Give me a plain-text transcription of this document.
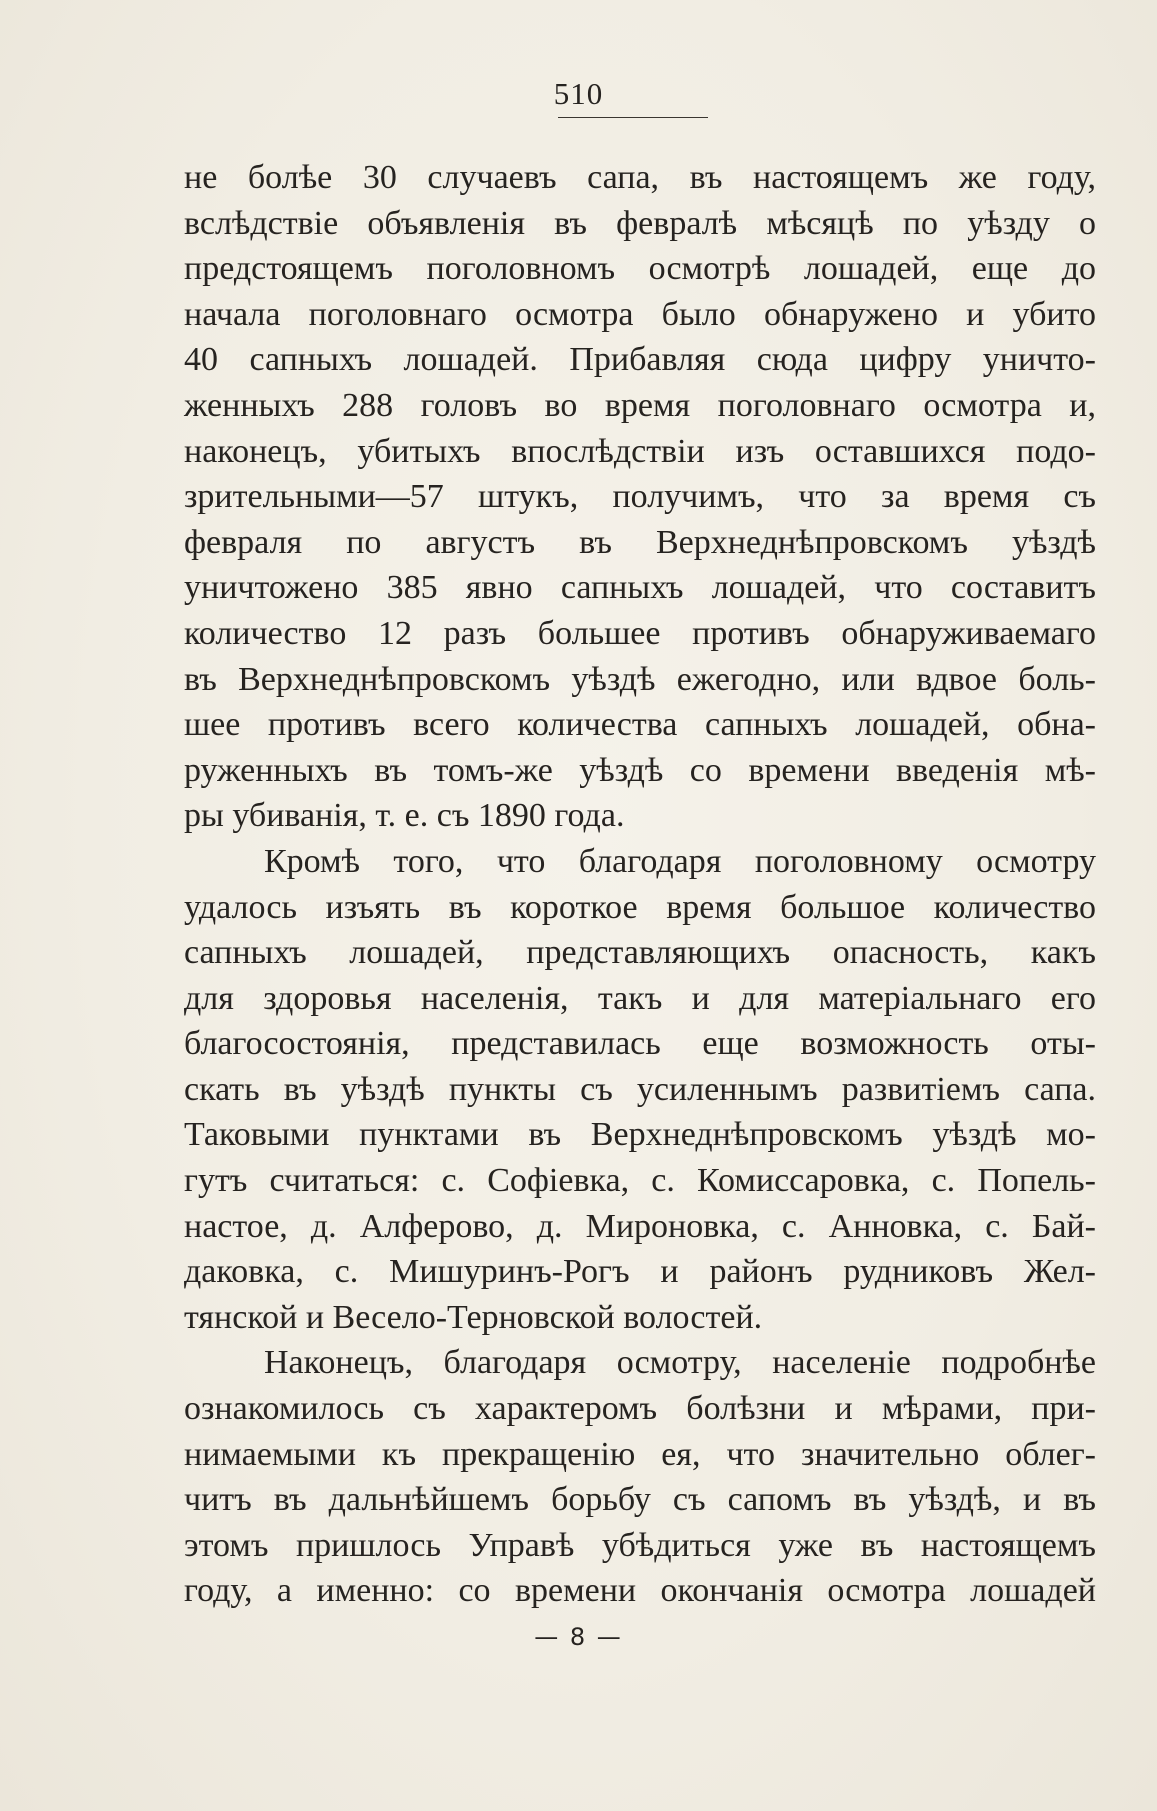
510
не болѣе 30 случаевъ сапа, въ настоящемъ же году,
вслѣдствіе объявленія въ февралѣ мѣсяцѣ по уѣзду о
предстоящемъ поголовномъ осмотрѣ лошадей, еще до
начала поголовнаго осмотра было обнаружено и убито
40 сапныхъ лошадей. Прибавляя сюда цифру уничто-
женныхъ 288 головъ во время поголовнаго осмотра и,
наконецъ, убитыхъ впослѣдствіи изъ оставшихся подо-
зрительными—57 штукъ, получимъ, что за время съ
февраля по августъ въ Верхнеднѣпровскомъ уѣздѣ
уничтожено 385 явно сапныхъ лошадей, что составитъ
количество 12 разъ большее противъ обнаруживаемаго
въ Верхнеднѣпровскомъ уѣздѣ ежегодно, или вдвое боль-
шее противъ всего количества сапныхъ лошадей, обна-
руженныхъ въ томъ-же уѣздѣ со времени введенія мѣ-
ры убиванія, т. е. съ 1890 года.
Кромѣ того, что благодаря поголовному осмотру
удалось изъять въ короткое время большое количество
сапныхъ лошадей, представляющихъ опасность, какъ
для здоровья населенія, такъ и для матеріальнаго его
благосостоянія, представилась еще возможность оты-
скать въ уѣздѣ пункты съ усиленнымъ развитіемъ сапа.
Таковыми пунктами въ Верхнеднѣпровскомъ уѣздѣ мо-
гутъ считаться: с. Софіевка, с. Комиссаровка, с. Попель-
настое, д. Алферово, д. Мироновка, с. Анновка, с. Бай-
даковка, с. Мишуринъ-Рогъ и районъ рудниковъ Жел-
тянской и Весело-Терновской волостей.
Наконецъ, благодаря осмотру, населеніе подробнѣе
ознакомилось съ характеромъ болѣзни и мѣрами, при-
нимаемыми къ прекращенію ея, что значительно облег-
читъ въ дальнѣйшемъ борьбу съ сапомъ въ уѣздѣ, и въ
этомъ пришлось Управѣ убѣдиться уже въ настоящемъ
году, а именно: со времени окончанія осмотра лошадей
— 8 —
